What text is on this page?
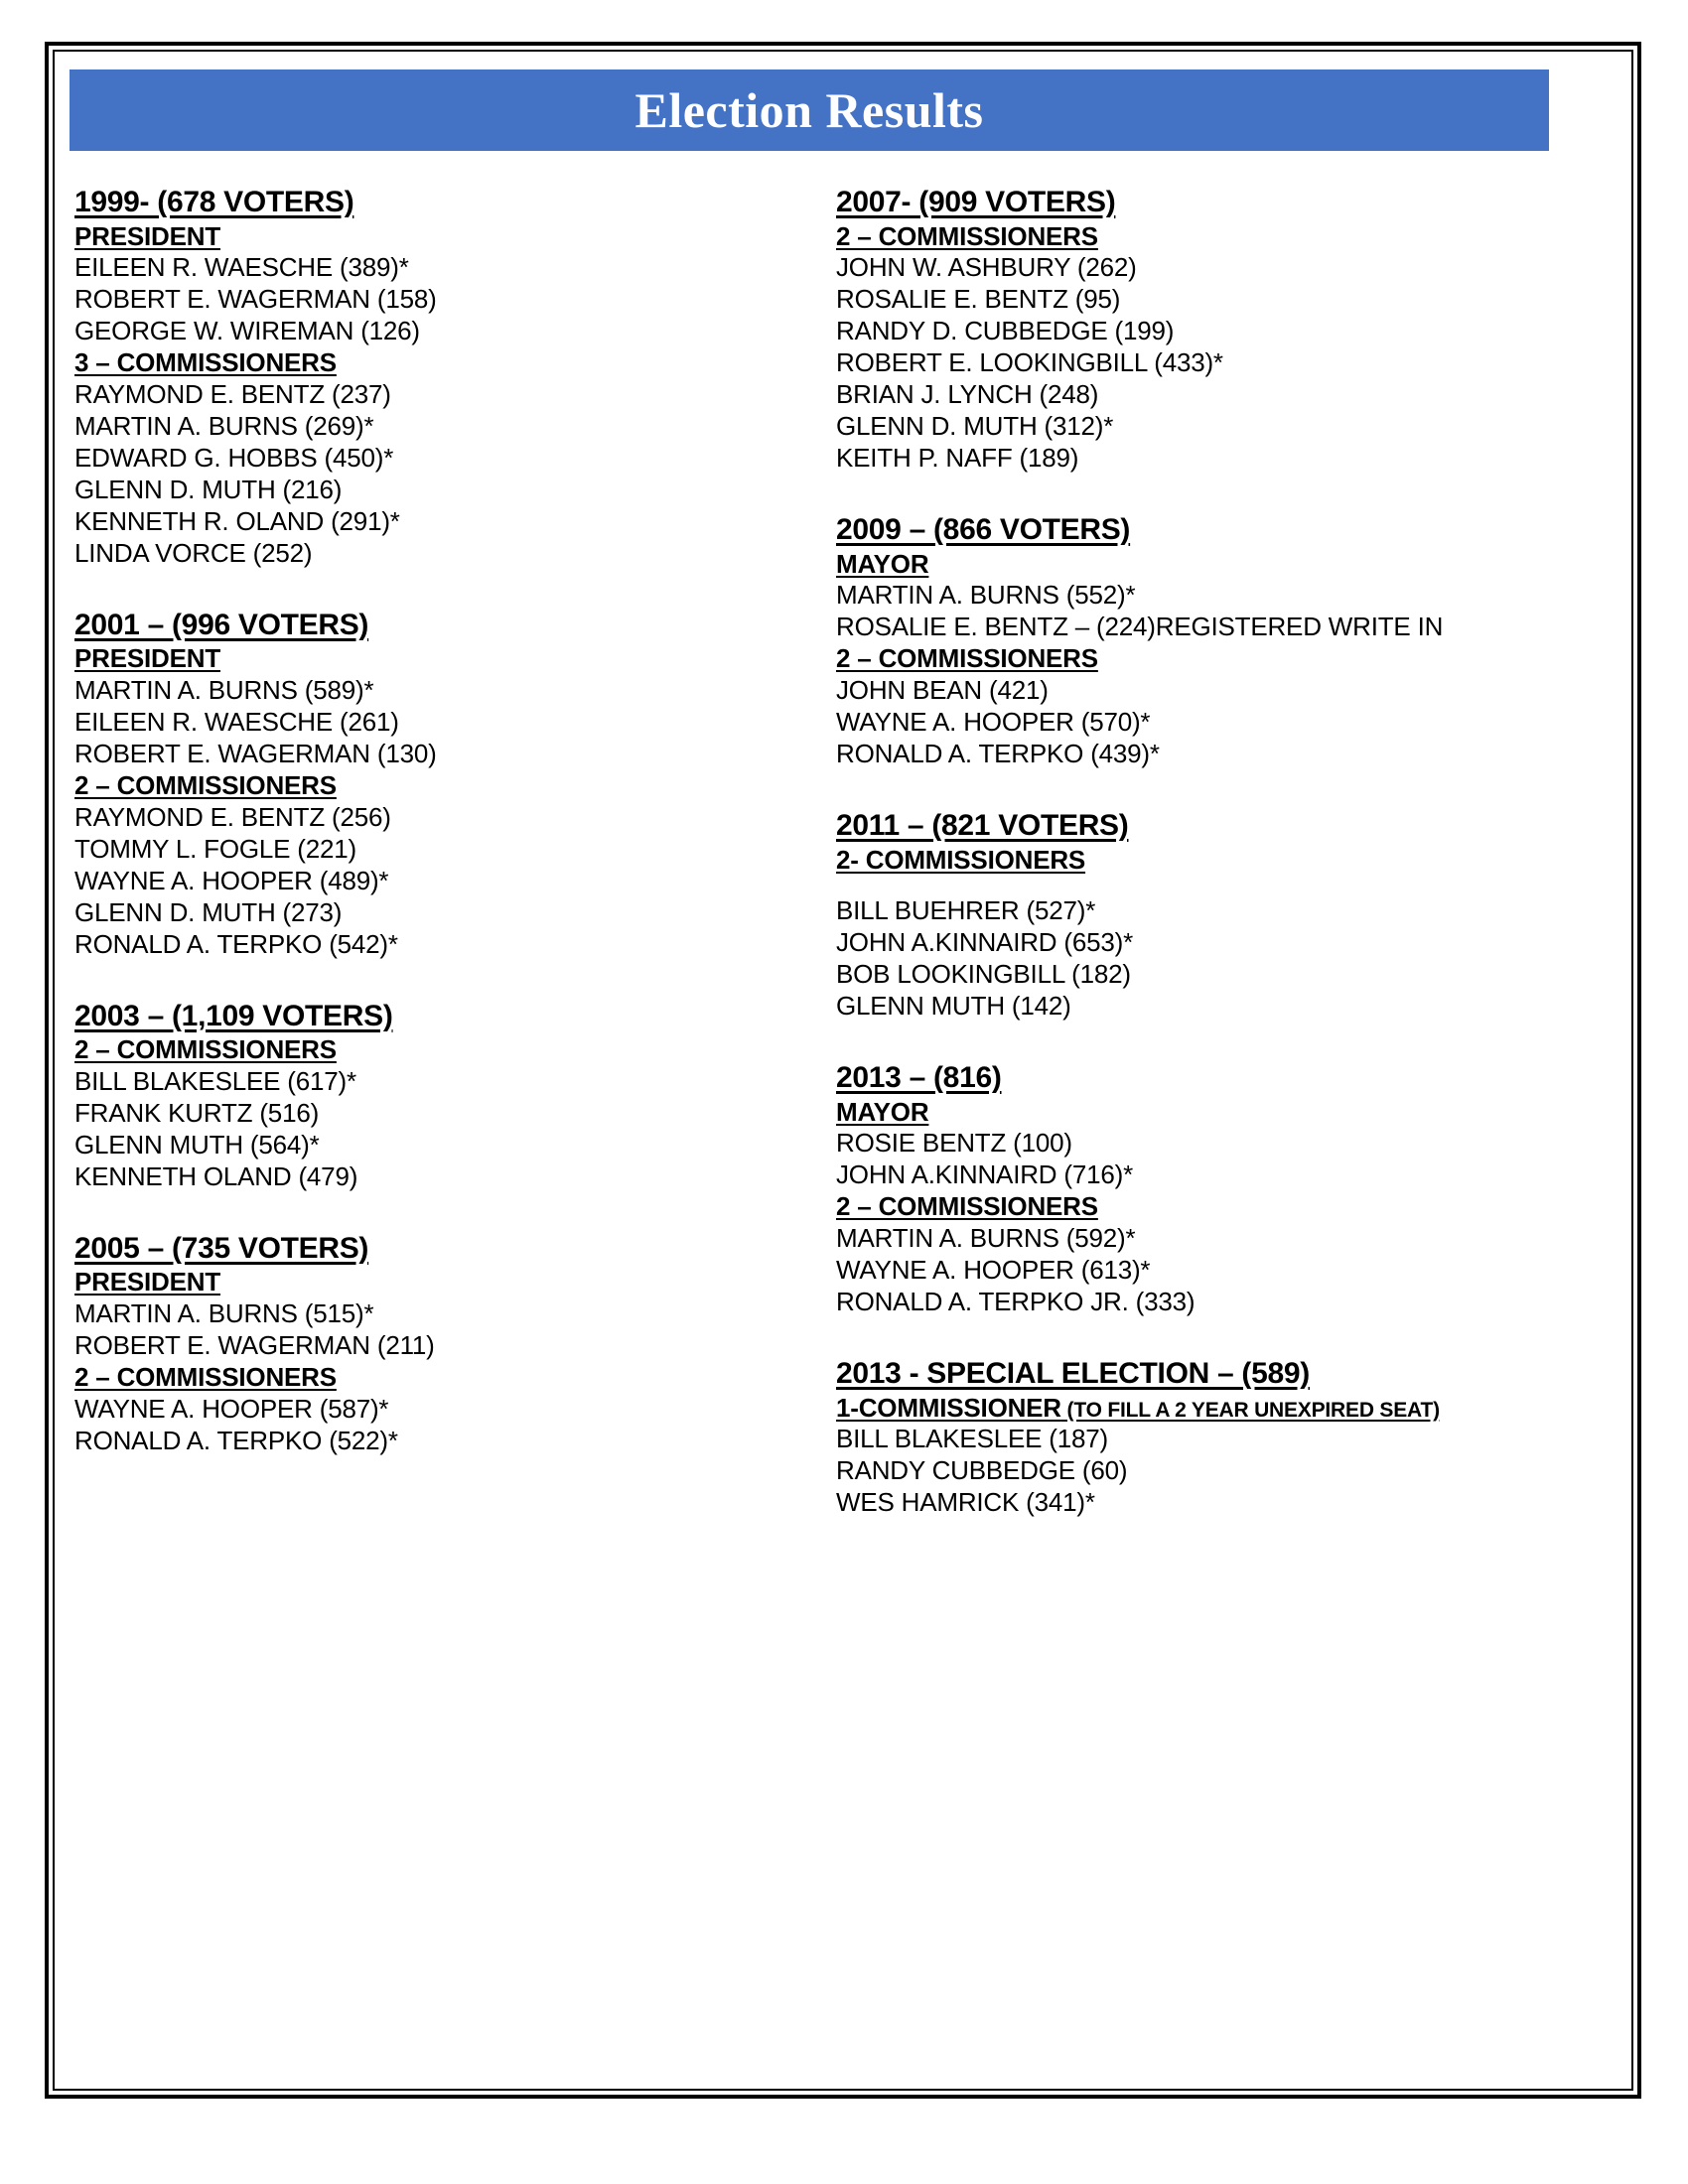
Election Results
1999- (678 VOTERS)
PRESIDENT
EILEEN R. WAESCHE (389)*
ROBERT E. WAGERMAN (158)
GEORGE W. WIREMAN (126)
3 – COMMISSIONERS
RAYMOND E. BENTZ (237)
MARTIN A. BURNS (269)*
EDWARD G. HOBBS (450)*
GLENN D. MUTH (216)
KENNETH R. OLAND (291)*
LINDA VORCE (252)
2001 – (996 VOTERS)
PRESIDENT
MARTIN A. BURNS (589)*
EILEEN R. WAESCHE (261)
ROBERT E. WAGERMAN (130)
2 – COMMISSIONERS
RAYMOND E. BENTZ (256)
TOMMY L. FOGLE (221)
WAYNE A. HOOPER (489)*
GLENN D. MUTH (273)
RONALD A. TERPKO (542)*
2003 – (1,109 VOTERS)
2 – COMMISSIONERS
BILL BLAKESLEE (617)*
FRANK KURTZ (516)
GLENN MUTH (564)*
KENNETH OLAND (479)
2005 – (735 VOTERS)
PRESIDENT
MARTIN A. BURNS (515)*
ROBERT E. WAGERMAN (211)
2 – COMMISSIONERS
WAYNE A. HOOPER (587)*
RONALD A. TERPKO (522)*
2007- (909 VOTERS)
2 – COMMISSIONERS
JOHN W. ASHBURY (262)
ROSALIE E. BENTZ (95)
RANDY D. CUBBEDGE (199)
ROBERT E. LOOKINGBILL (433)*
BRIAN J. LYNCH (248)
GLENN D. MUTH (312)*
KEITH P. NAFF (189)
2009 – (866 VOTERS)
MAYOR
MARTIN A. BURNS (552)*
ROSALIE E. BENTZ – (224)REGISTERED WRITE IN
2 – COMMISSIONERS
JOHN BEAN (421)
WAYNE A. HOOPER (570)*
RONALD A. TERPKO (439)*
2011 – (821 VOTERS)
2- COMMISSIONERS
BILL BUEHRER (527)*
JOHN A.KINNAIRD (653)*
BOB LOOKINGBILL (182)
GLENN MUTH (142)
2013 – (816)
MAYOR
ROSIE BENTZ (100)
JOHN A.KINNAIRD (716)*
2 – COMMISSIONERS
MARTIN A. BURNS (592)*
WAYNE A. HOOPER (613)*
RONALD A. TERPKO JR. (333)
2013 - SPECIAL ELECTION – (589)
1-COMMISSIONER (TO FILL A 2 YEAR UNEXPIRED SEAT)
BILL BLAKESLEE (187)
RANDY CUBBEDGE (60)
WES HAMRICK (341)*
